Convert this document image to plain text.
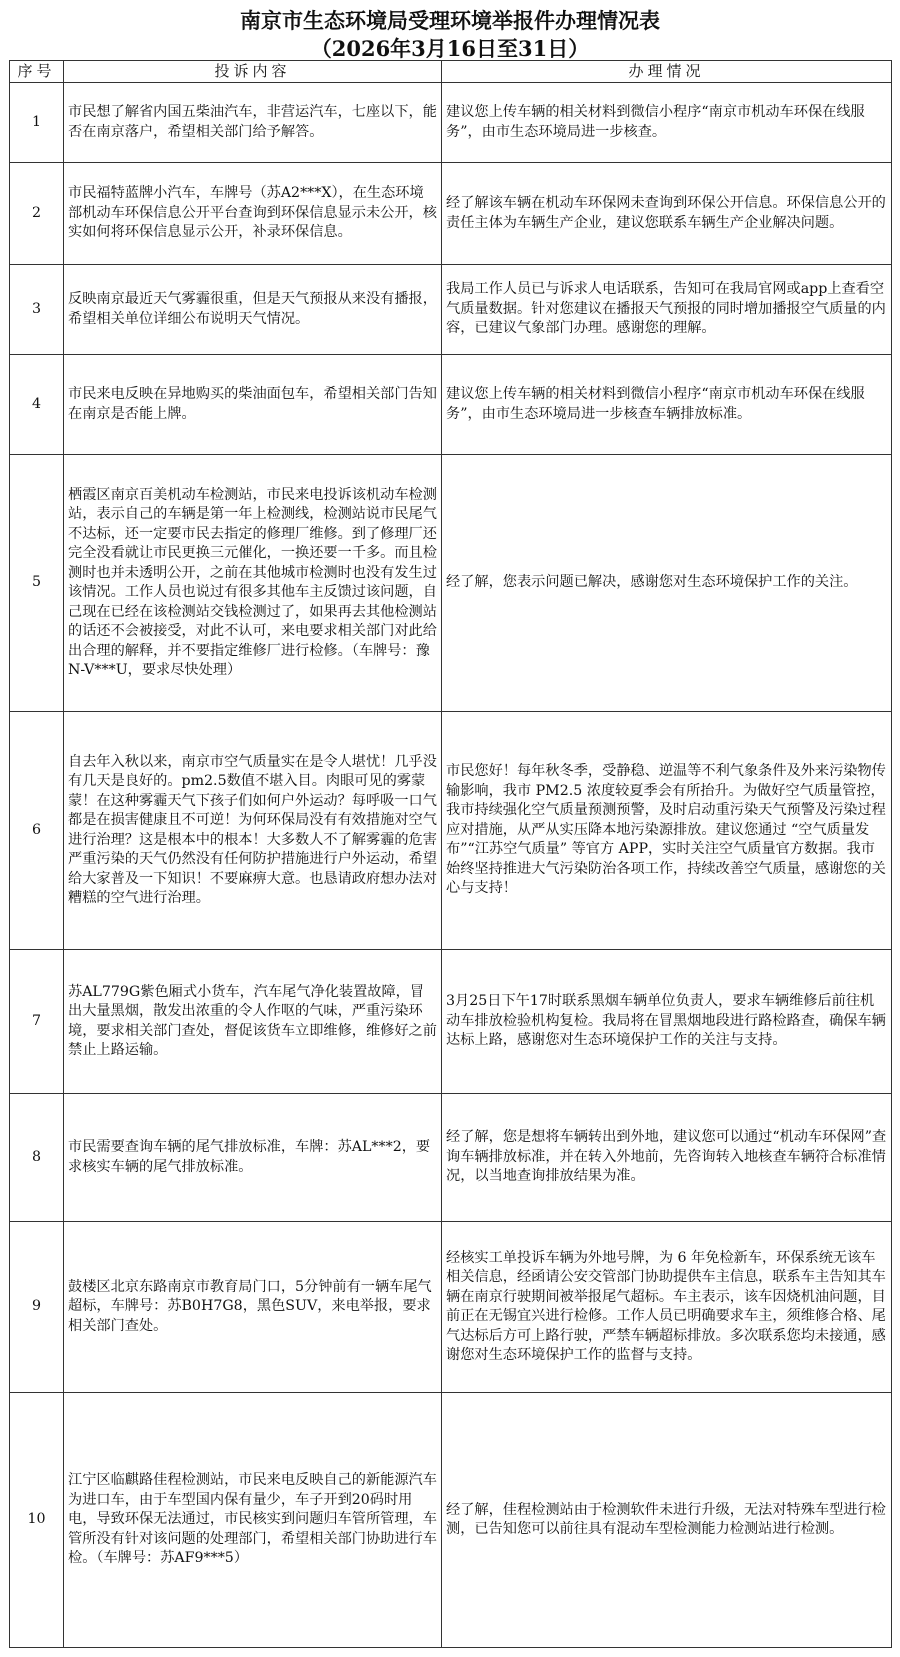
南京市生态环境局受理环境举报件办理情况表
（2026年3月16日至31日）
序号	投诉内容	办理情况
1	市民想了解省内国五柴油汽车，非营运汽车，七座以下，能否在南京落户，希望相关部门给予解答。	建议您上传车辆的相关材料到微信小程序“南京市机动车环保在线服务”，由市生态环境局进一步核查。
2	市民福特蓝牌小汽车，车牌号（苏A2***X），在生态环境部机动车环保信息公开平台查询到环保信息显示未公开，核实如何将环保信息显示公开，补录环保信息。	经了解该车辆在机动车环保网未查询到环保公开信息。环保信息公开的责任主体为车辆生产企业，建议您联系车辆生产企业解决问题。
3	反映南京最近天气雾霾很重，但是天气预报从来没有播报，希望相关单位详细公布说明天气情况。	我局工作人员已与诉求人电话联系，告知可在我局官网或app上查看空气质量数据。针对您建议在播报天气预报的同时增加播报空气质量的内容，已建议气象部门办理。感谢您的理解。
4	市民来电反映在异地购买的柴油面包车，希望相关部门告知在南京是否能上牌。	建议您上传车辆的相关材料到微信小程序“南京市机动车环保在线服务”，由市生态环境局进一步核查车辆排放标准。
5	栖霞区南京百美机动车检测站，市民来电投诉该机动车检测站，表示自己的车辆是第一年上检测线，检测站说市民尾气不达标，还一定要市民去指定的修理厂维修。到了修理厂还完全没看就让市民更换三元催化，一换还要一千多。而且检测时也并未透明公开，之前在其他城市检测时也没有发生过该情况。工作人员也说过有很多其他车主反馈过该问题，自己现在已经在该检测站交钱检测过了，如果再去其他检测站的话还不会被接受，对此不认可，来电要求相关部门对此给出合理的解释，并不要指定维修厂进行检修。（车牌号：豫N-V***U，要求尽快处理）	经了解，您表示问题已解决，感谢您对生态环境保护工作的关注。
6	自去年入秋以来，南京市空气质量实在是令人堪忧！几乎没有几天是良好的。pm2.5数值不堪入目。肉眼可见的雾蒙蒙！在这种雾霾天气下孩子们如何户外运动？每呼吸一口气都是在损害健康且不可逆！为何环保局没有有效措施对空气进行治理？这是根本中的根本！大多数人不了解雾霾的危害严重污染的天气仍然没有任何防护措施进行户外运动，希望给大家普及一下知识！不要麻痹大意。也恳请政府想办法对糟糕的空气进行治理。	市民您好！每年秋冬季，受静稳、逆温等不利气象条件及外来污染物传输影响，我市 PM2.5 浓度较夏季会有所抬升。为做好空气质量管控，我市持续强化空气质量预测预警，及时启动重污染天气预警及污染过程应对措施，从严从实压降本地污染源排放。建议您通过 “空气质量发布”“江苏空气质量” 等官方 APP，实时关注空气质量官方数据。我市始终坚持推进大气污染防治各项工作，持续改善空气质量，感谢您的关心与支持！
7	苏AL779G紫色厢式小货车，汽车尾气净化装置故障，冒出大量黑烟，散发出浓重的令人作呕的气味，严重污染环境，要求相关部门查处，督促该货车立即维修，维修好之前禁止上路运输。	3月25日下午17时联系黑烟车辆单位负责人，要求车辆维修后前往机动车排放检验机构复检。我局将在冒黑烟地段进行路检路查，确保车辆达标上路，感谢您对生态环境保护工作的关注与支持。
8	市民需要查询车辆的尾气排放标准，车牌：苏AL***2，要求核实车辆的尾气排放标准。	经了解，您是想将车辆转出到外地，建议您可以通过“机动车环保网”查询车辆排放标准，并在转入外地前，先咨询转入地核查车辆符合标准情况，以当地查询排放结果为准。
9	鼓楼区北京东路南京市教育局门口，5分钟前有一辆车尾气超标，车牌号：苏B0H7G8，黑色SUV，来电举报，要求相关部门查处。	经核实工单投诉车辆为外地号牌，为 6 年免检新车，环保系统无该车相关信息，经函请公安交管部门协助提供车主信息，联系车主告知其车辆在南京行驶期间被举报尾气超标。车主表示，该车因烧机油问题，目前正在无锡宜兴进行检修。工作人员已明确要求车主，须维修合格、尾气达标后方可上路行驶，严禁车辆超标排放。多次联系您均未接通，感谢您对生态环境保护工作的监督与支持。
10	江宁区临麒路佳程检测站，市民来电反映自己的新能源汽车为进口车，由于车型国内保有量少，车子开到20码时用电，导致环保无法通过，市民核实到问题归车管所管理，车管所没有针对该问题的处理部门，希望相关部门协助进行车检。（车牌号：苏AF9***5）	经了解，佳程检测站由于检测软件未进行升级，无法对特殊车型进行检测，已告知您可以前往具有混动车型检测能力检测站进行检测。
